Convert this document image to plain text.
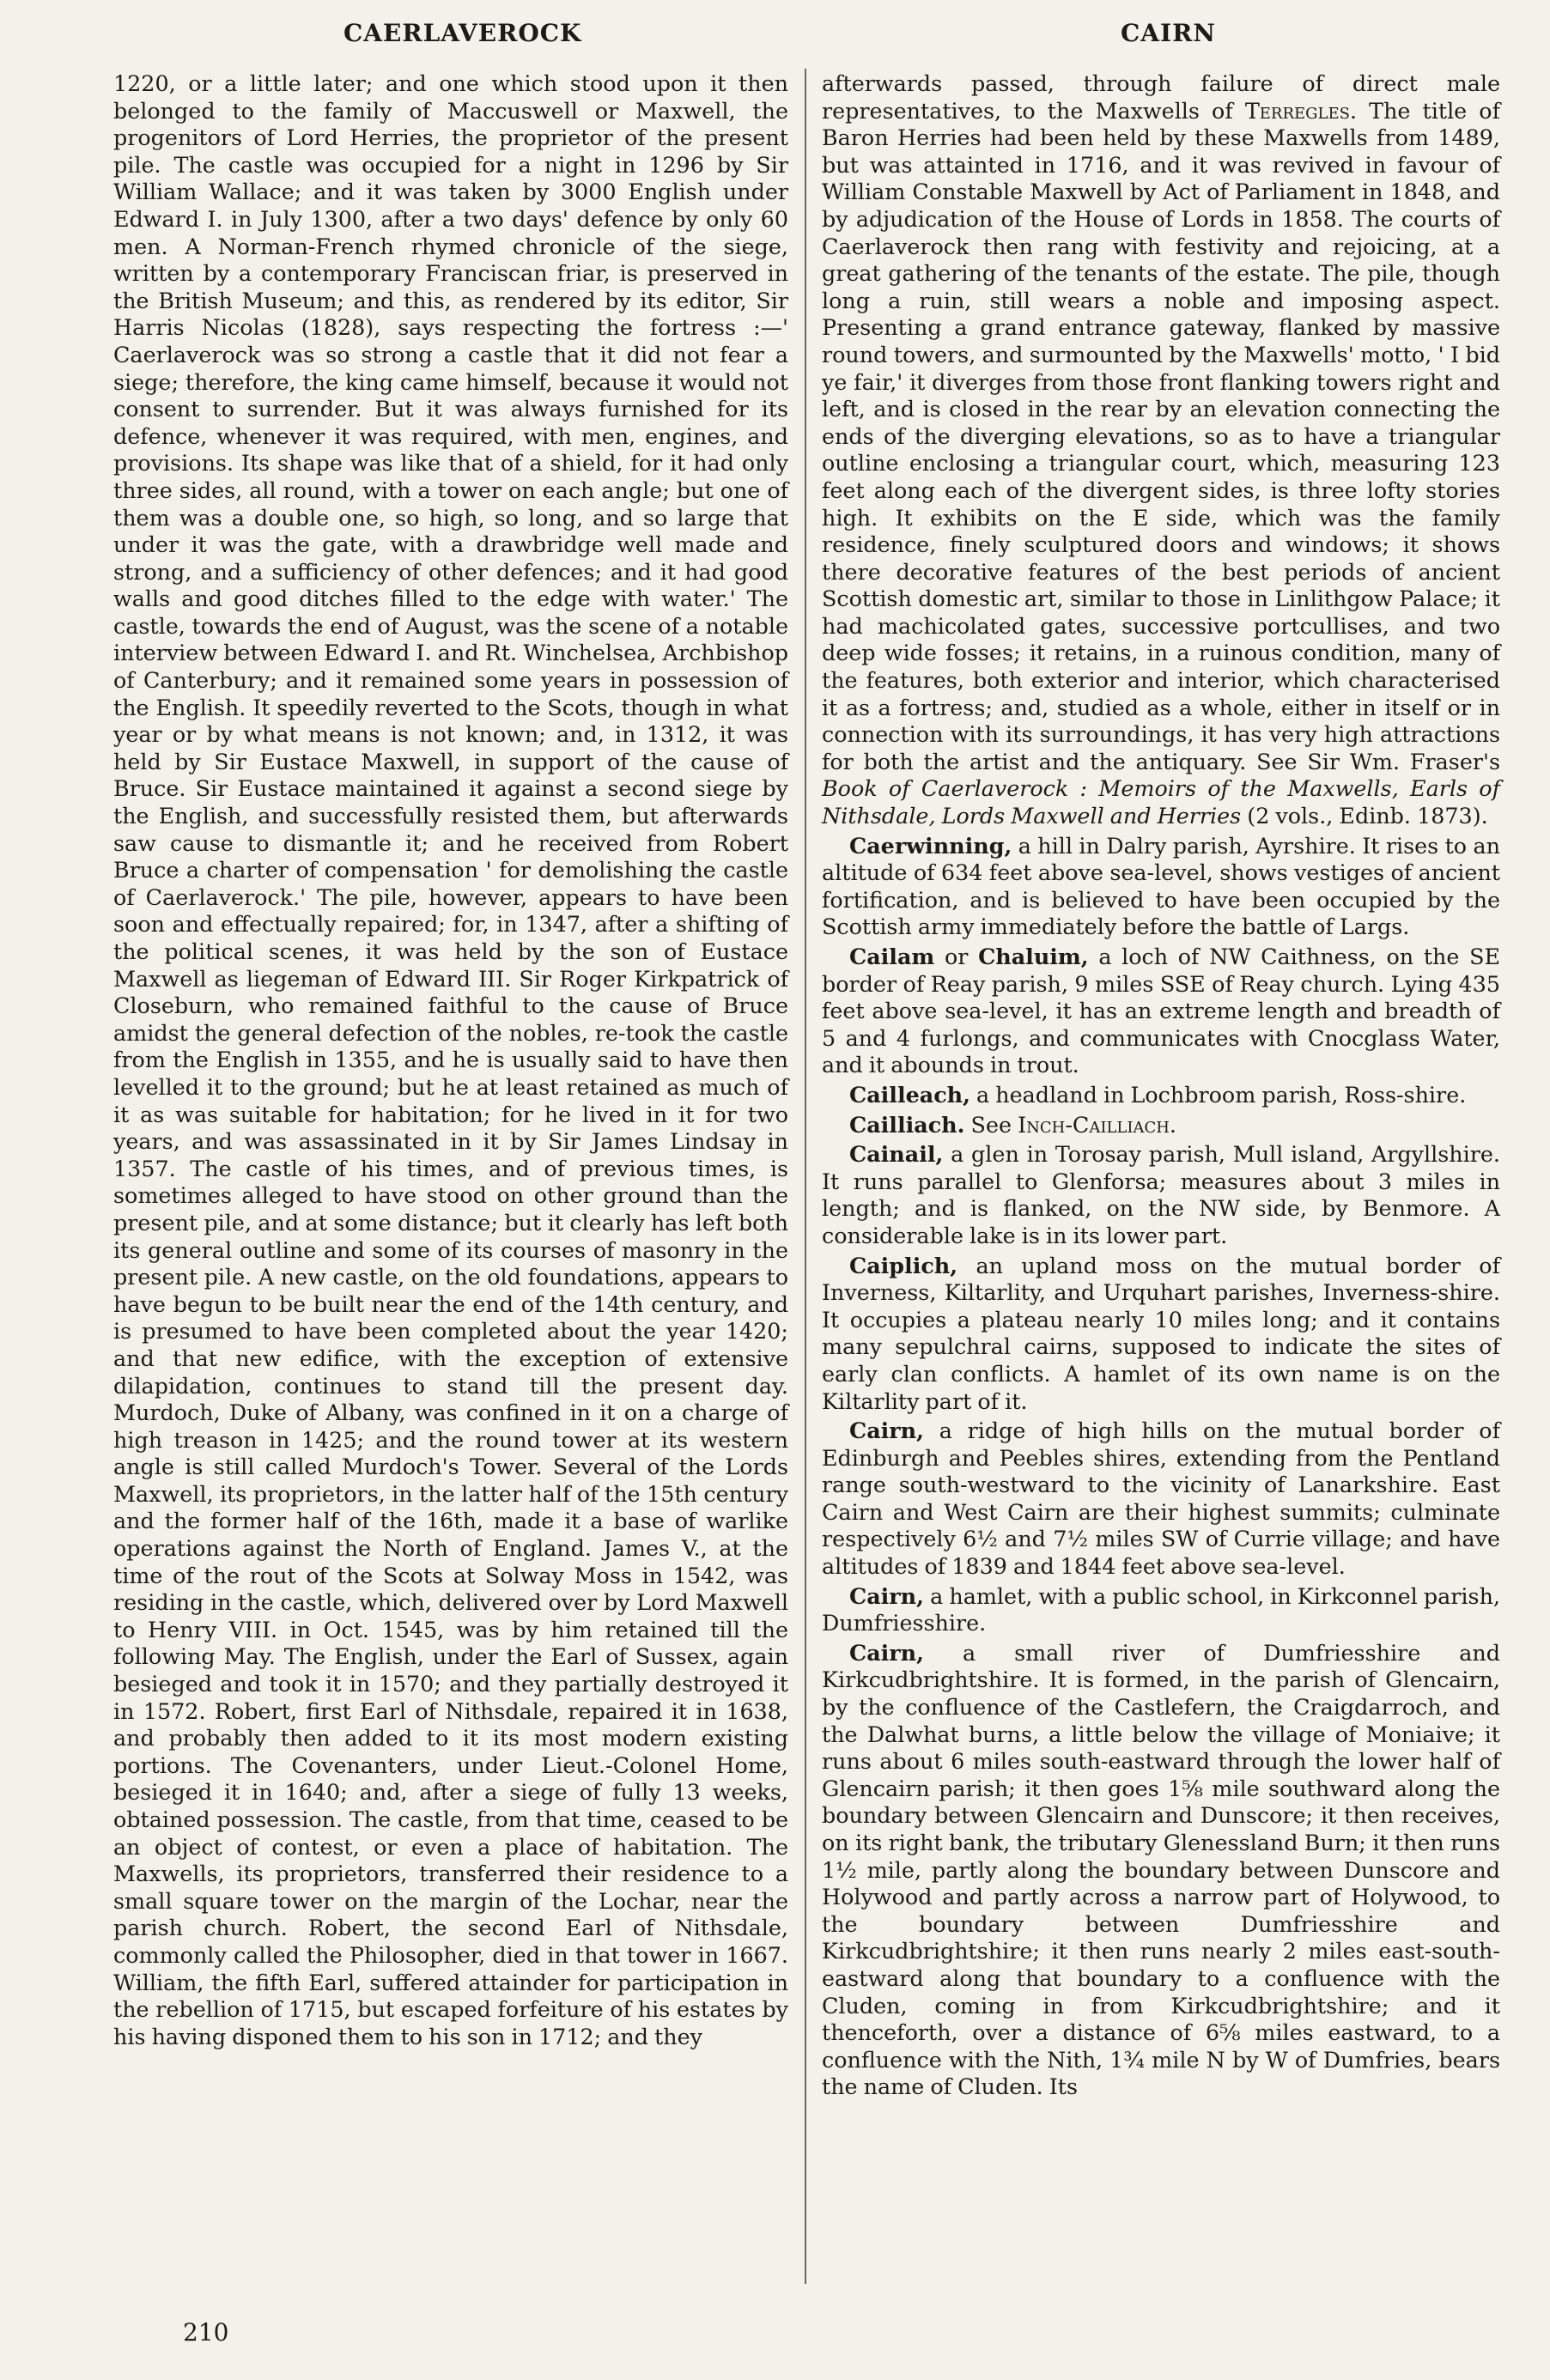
CAERLAVEROCK	CAIRN

1220, or a little later; and one which stood upon it then belonged to the family of Maccuswell or Maxwell, the progenitors of Lord Herries, the proprietor of the present pile. The castle was occupied for a night in 1296 by Sir William Wallace; and it was taken by 3000 English under Edward I. in July 1300, after a two days' defence by only 60 men. A Norman-French rhymed chronicle of the siege, written by a contemporary Franciscan friar, is preserved in the British Museum; and this, as rendered by its editor, Sir Harris Nicolas (1828), says respecting the fortress :—' Caerlaverock was so strong a castle that it did not fear a siege; therefore, the king came himself, because it would not consent to surrender. But it was always furnished for its defence, whenever it was required, with men, engines, and provisions. Its shape was like that of a shield, for it had only three sides, all round, with a tower on each angle; but one of them was a double one, so high, so long, and so large that under it was the gate, with a drawbridge well made and strong, and a sufficiency of other defences; and it had good walls and good ditches filled to the edge with water.' The castle, towards the end of August, was the scene of a notable interview between Edward I. and Rt. Winchelsea, Archbishop of Canterbury; and it remained some years in possession of the English. It speedily reverted to the Scots, though in what year or by what means is not known; and, in 1312, it was held by Sir Eustace Maxwell, in support of the cause of Bruce. Sir Eustace maintained it against a second siege by the English, and successfully resisted them, but afterwards saw cause to dismantle it; and he received from Robert Bruce a charter of compensation ' for demolishing the castle of Caerlaverock.' The pile, however, appears to have been soon and effectually repaired; for, in 1347, after a shifting of the political scenes, it was held by the son of Eustace Maxwell as liegeman of Edward III. Sir Roger Kirkpatrick of Closeburn, who remained faithful to the cause of Bruce amidst the general defection of the nobles, re-took the castle from the English in 1355, and he is usually said to have then levelled it to the ground; but he at least retained as much of it as was suitable for habitation; for he lived in it for two years, and was assassinated in it by Sir James Lindsay in 1357. The castle of his times, and of previous times, is sometimes alleged to have stood on other ground than the present pile, and at some distance; but it clearly has left both its general outline and some of its courses of masonry in the present pile. A new castle, on the old foundations, appears to have begun to be built near the end of the 14th century, and is presumed to have been completed about the year 1420; and that new edifice, with the exception of extensive dilapidation, continues to stand till the present day. Murdoch, Duke of Albany, was confined in it on a charge of high treason in 1425; and the round tower at its western angle is still called Murdoch's Tower. Several of the Lords Maxwell, its proprietors, in the latter half of the 15th century and the former half of the 16th, made it a base of warlike operations against the North of England. James V., at the time of the rout of the Scots at Solway Moss in 1542, was residing in the castle, which, delivered over by Lord Maxwell to Henry VIII. in Oct. 1545, was by him retained till the following May. The English, under the Earl of Sussex, again besieged and took it in 1570; and they partially destroyed it in 1572. Robert, first Earl of Nithsdale, repaired it in 1638, and probably then added to it its most modern existing portions. The Covenanters, under Lieut.-Colonel Home, besieged it in 1640; and, after a siege of fully 13 weeks, obtained possession. The castle, from that time, ceased to be an object of contest, or even a place of habitation. The Maxwells, its proprietors, transferred their residence to a small square tower on the margin of the Lochar, near the parish church. Robert, the second Earl of Nithsdale, commonly called the Philosopher, died in that tower in 1667. William, the fifth Earl, suffered attainder for participation in the rebellion of 1715, but escaped forfeiture of his estates by his having disponed them to his son in 1712; and they

afterwards passed, through failure of direct male representatives, to the Maxwells of Terregles. The title of Baron Herries had been held by these Maxwells from 1489, but was attainted in 1716, and it was revived in favour of William Constable Maxwell by Act of Parliament in 1848, and by adjudication of the House of Lords in 1858. The courts of Caerlaverock then rang with festivity and rejoicing, at a great gathering of the tenants of the estate. The pile, though long a ruin, still wears a noble and imposing aspect. Presenting a grand entrance gateway, flanked by massive round towers, and surmounted by the Maxwells' motto, ' I bid ye fair,' it diverges from those front flanking towers right and left, and is closed in the rear by an elevation connecting the ends of the diverging elevations, so as to have a triangular outline enclosing a triangular court, which, measuring 123 feet along each of the divergent sides, is three lofty stories high. It exhibits on the E side, which was the family residence, finely sculptured doors and windows; it shows there decorative features of the best periods of ancient Scottish domestic art, similar to those in Linlithgow Palace; it had machicolated gates, successive portcullises, and two deep wide fosses; it retains, in a ruinous condition, many of the features, both exterior and interior, which characterised it as a fortress; and, studied as a whole, either in itself or in connection with its surroundings, it has very high attractions for both the artist and the antiquary. See Sir Wm. Fraser's Book of Caerlaverock : Memoirs of the Maxwells, Earls of Nithsdale, Lords Maxwell and Herries (2 vols., Edinb. 1873).

Caerwinning, a hill in Dalry parish, Ayrshire. It rises to an altitude of 634 feet above sea-level, shows vestiges of ancient fortification, and is believed to have been occupied by the Scottish army immediately before the battle of Largs.

Cailam or Chaluim, a loch of NW Caithness, on the SE border of Reay parish, 9 miles SSE of Reay church. Lying 435 feet above sea-level, it has an extreme length and breadth of 5 and 4 furlongs, and communicates with Cnocglass Water, and it abounds in trout.

Cailleach, a headland in Lochbroom parish, Ross-shire.

Cailliach. See Inch-Cailliach.

Cainail, a glen in Torosay parish, Mull island, Argyllshire. It runs parallel to Glenforsa; measures about 3 miles in length; and is flanked, on the NW side, by Benmore. A considerable lake is in its lower part.

Caiplich, an upland moss on the mutual border of Inverness, Kiltarlity, and Urquhart parishes, Inverness-shire. It occupies a plateau nearly 10 miles long; and it contains many sepulchral cairns, supposed to indicate the sites of early clan conflicts. A hamlet of its own name is on the Kiltarlity part of it.

Cairn, a ridge of high hills on the mutual border of Edinburgh and Peebles shires, extending from the Pentland range south-westward to the vicinity of Lanarkshire. East Cairn and West Cairn are their highest summits; culminate respectively 6½ and 7½ miles SW of Currie village; and have altitudes of 1839 and 1844 feet above sea-level.

Cairn, a hamlet, with a public school, in Kirkconnel parish, Dumfriesshire.

Cairn, a small river of Dumfriesshire and Kirkcudbrightshire. It is formed, in the parish of Glencairn, by the confluence of the Castlefern, the Craigdarroch, and the Dalwhat burns, a little below the village of Moniaive; it runs about 6 miles south-eastward through the lower half of Glencairn parish; it then goes 1⅝ mile southward along the boundary between Glencairn and Dunscore; it then receives, on its right bank, the tributary Glenessland Burn; it then runs 1½ mile, partly along the boundary between Dunscore and Holywood and partly across a narrow part of Holywood, to the boundary between Dumfriesshire and Kirkcudbrightshire; it then runs nearly 2 miles east-south-eastward along that boundary to a confluence with the Cluden, coming in from Kirkcudbrightshire; and it thenceforth, over a distance of 6⅝ miles eastward, to a confluence with the Nith, 1¾ mile N by W of Dumfries, bears the name of Cluden. Its

210
